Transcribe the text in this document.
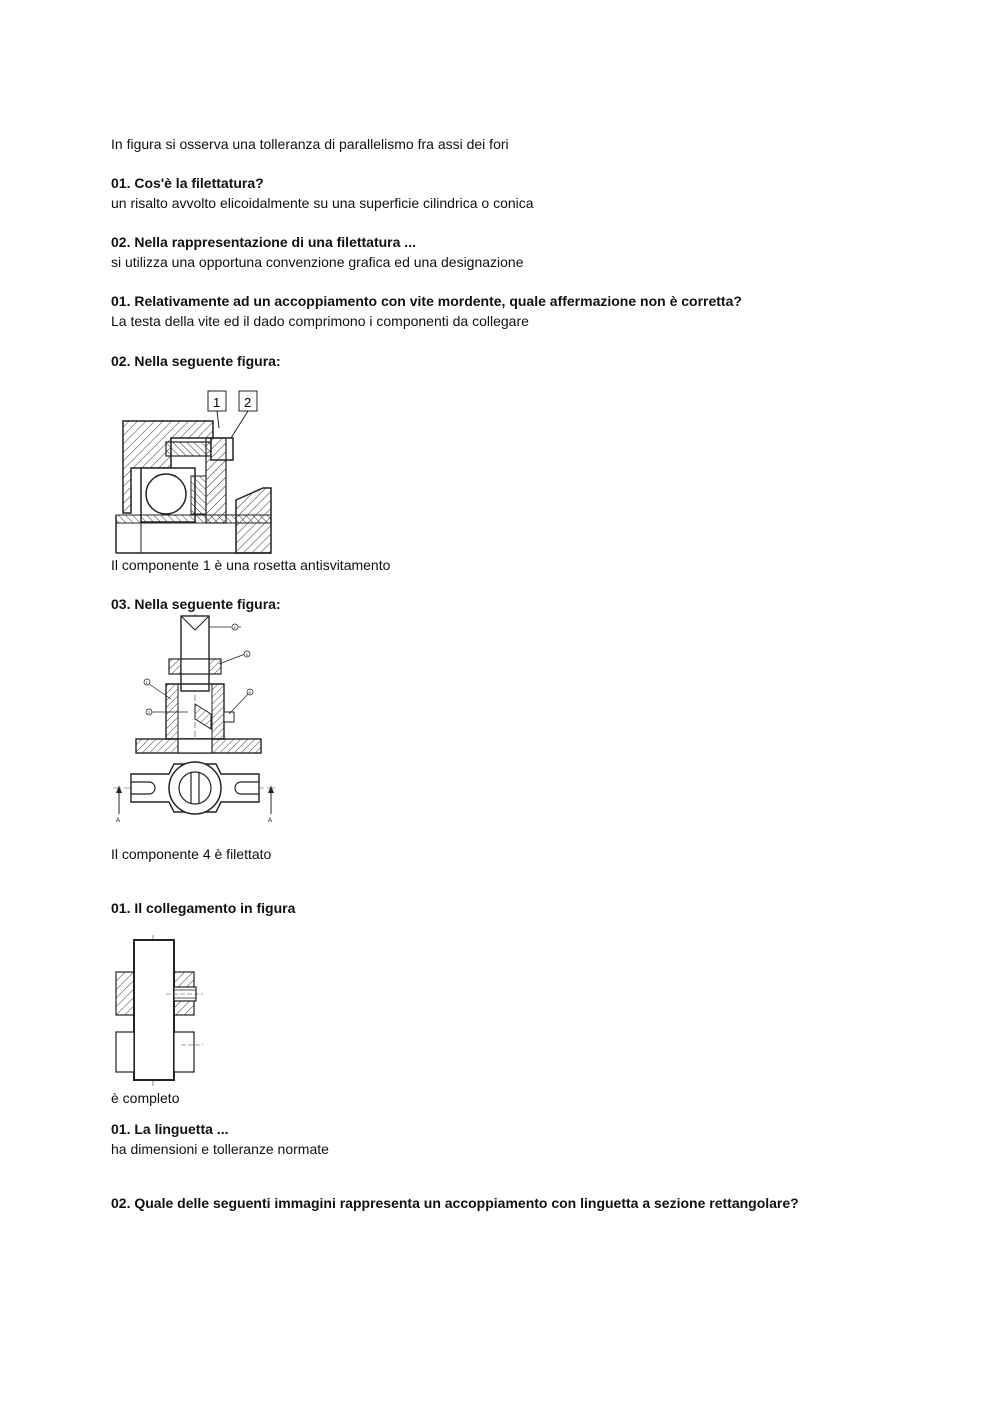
In figura si osserva una tolleranza di parallelismo fra assi dei fori
01. Cos'è la filettatura?
un risalto avvolto elicoidalmente su una superficie cilindrica o conica
02. Nella rappresentazione di una filettatura ...
si utilizza una opportuna convenzione grafica ed una designazione
01. Relativamente ad un accoppiamento con vite mordente, quale affermazione non è corretta?
La testa della vite ed il dado comprimono i componenti da collegare
02. Nella seguente figura:
1 2
Il componente 1 è una rosetta antisvitamento
03. Nella seguente figura:
4
3
1
5
2
A	A
Il componente 4 è filettato
01. Il collegamento in figura
è completo
01. La linguetta ...
ha dimensioni e tolleranze normate
02. Quale delle seguenti immagini rappresenta un accoppiamento con linguetta a sezione rettangolare?
